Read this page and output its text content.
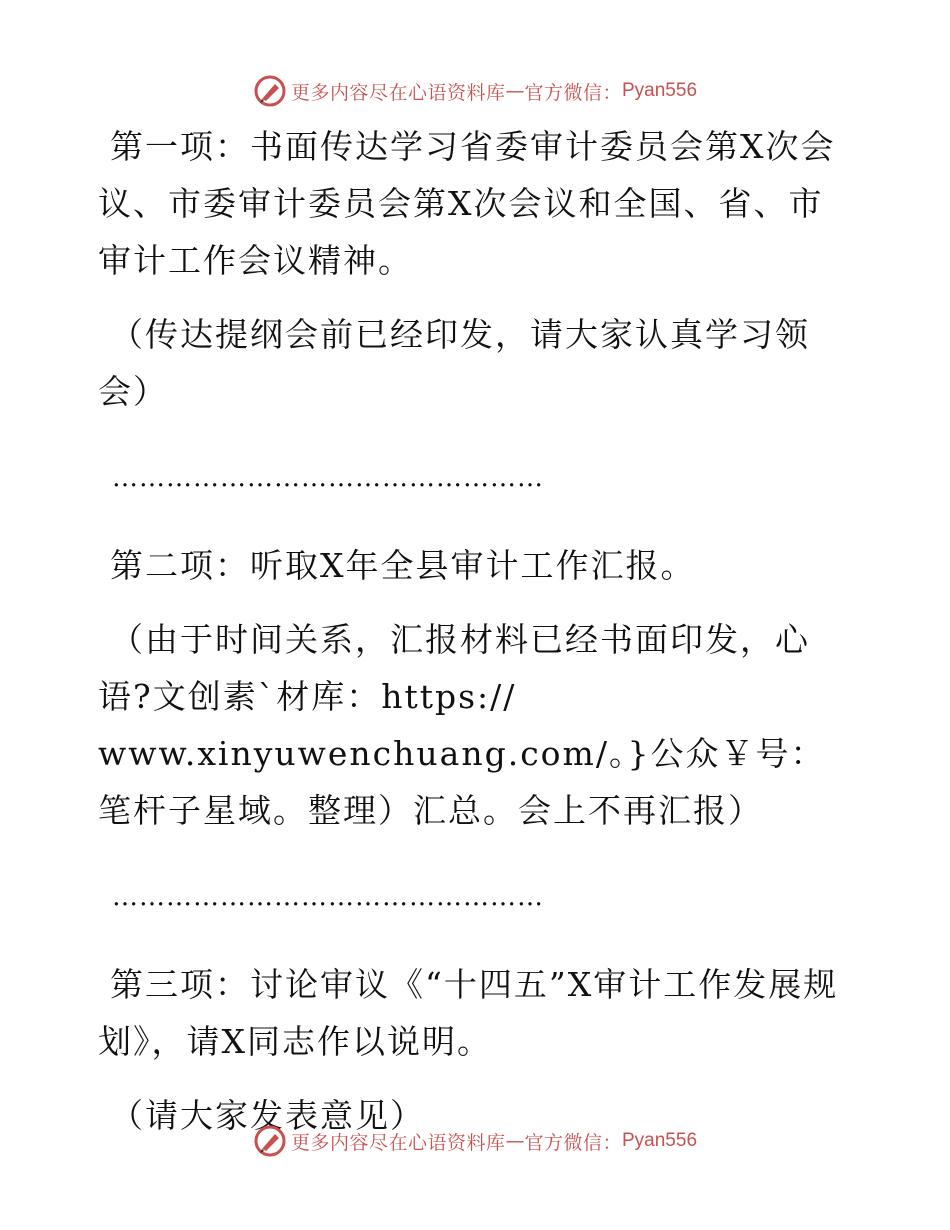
更多内容尽在心语资料库 — 官方微信： Pyan556

第一项：书面传达学习省委审计委员会第X次会议、市委审计委员会第X次会议和全国、省、市审计工作会议精神。

（传达提纲会前已经印发，请大家认真学习领会）

…………………………………………

第二项：听取X年全县审计工作汇报。

（由于时间关系，汇报材料已经书面印发，心语?文创素`材库：https://

www.xinyuwenchuang.com/。}公众￥号：笔杆子星域。整理）汇总。会上不再汇报）

…………………………………………

第三项：讨论审议《“十四五”X审计工作发展规划》，请X同志作以说明。

（请大家发表意见）

更多内容尽在心语资料库 — 官方微信： Pyan556
